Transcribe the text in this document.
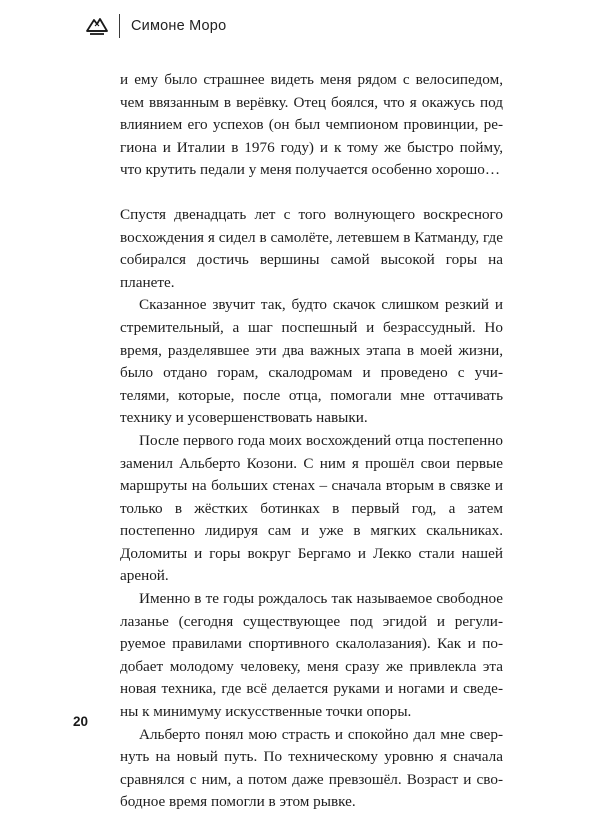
Симоне Моро

и ему было страшнее видеть меня рядом с велосипедом, чем ввязанным в верёвку. Отец боялся, что я окажусь под влиянием его успехов (он был чемпионом провинции, региона и Италии в 1976 году) и к тому же быстро пойму, что крутить педали у меня получается особенно хорошо…

Спустя двенадцать лет с того волнующего воскресного восхождения я сидел в самолёте, летевшем в Катманду, где собирался достичь вершины самой высокой горы на планете.

Сказанное звучит так, будто скачок слишком резкий и стремительный, а шаг поспешный и безрассудный. Но время, разделявшее эти два важных этапа в моей жизни, было отдано горам, скалодромам и проведено с учителями, которые, после отца, помогали мне оттачивать технику и усовершенствовать навыки.

После первого года моих восхождений отца постепенно заменил Альберто Козони. С ним я прошёл свои первые маршруты на больших стенах – сначала вторым в связке и только в жёстких ботинках в первый год, а затем постепенно лидируя сам и уже в мягких скальниках. Доломиты и горы вокруг Бергамо и Лекко стали нашей ареной.

Именно в те годы рождалось так называемое свободное лазанье (сегодня существующее под эгидой и регулируемое правилами спортивного скалолазания). Как и подобает молодому человеку, меня сразу же привлекла эта новая техника, где всё делается руками и ногами и сведены к минимуму искусственные точки опоры.

Альберто понял мою страсть и спокойно дал мне свернуть на новый путь. По техническому уровню я сначала сравнялся с ним, а потом даже превзошёл. Возраст и свободное время помогли в этом рывке.

20
